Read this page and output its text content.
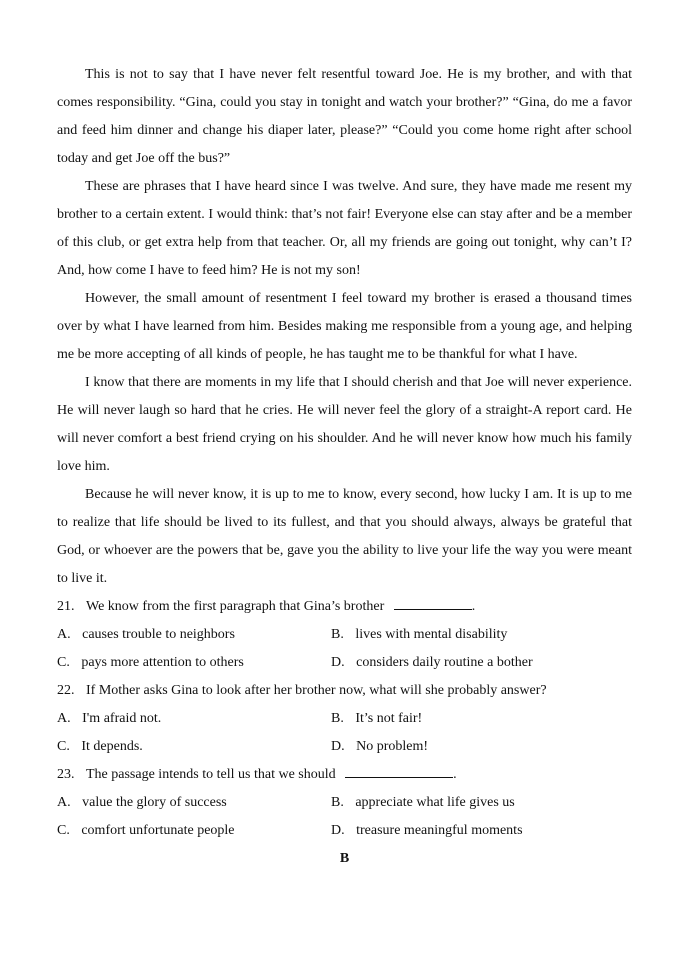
This is not to say that I have never felt resentful toward Joe. He is my brother, and with that comes responsibility. “Gina, could you stay in tonight and watch your brother?” “Gina, do me a favor and feed him dinner and change his diaper later, please?” “Could you come home right after school today and get Joe off the bus?”

These are phrases that I have heard since I was twelve. And sure, they have made me resent my brother to a certain extent. I would think: that’s not fair! Everyone else can stay after and be a member of this club, or get extra help from that teacher. Or, all my friends are going out tonight, why can’t I? And, how come I have to feed him? He is not my son!

However, the small amount of resentment I feel toward my brother is erased a thousand times over by what I have learned from him. Besides making me responsible from a young age, and helping me be more accepting of all kinds of people, he has taught me to be thankful for what I have.

I know that there are moments in my life that I should cherish and that Joe will never experience. He will never laugh so hard that he cries. He will never feel the glory of a straight-A report card. He will never comfort a best friend crying on his shoulder. And he will never know how much his family love him.

Because he will never know, it is up to me to know, every second, how lucky I am. It is up to me to realize that life should be lived to its fullest, and that you should always, always be grateful that God, or whoever are the powers that be, gave you the ability to live your life the way you were meant to live it.

21. We know from the first paragraph that Gina’s brother	.
A. causes trouble to neighbors	B. lives with mental disability
C. pays more attention to others	D. considers daily routine a bother
22. If Mother asks Gina to look after her brother now, what will she probably answer?
A. I'm afraid not.	B. It’s not fair!
C. It depends.	D. No problem!
23. The passage intends to tell us that we should	.
A. value the glory of success	B. appreciate what life gives us
C. comfort unfortunate people	D. treasure meaningful moments

B
